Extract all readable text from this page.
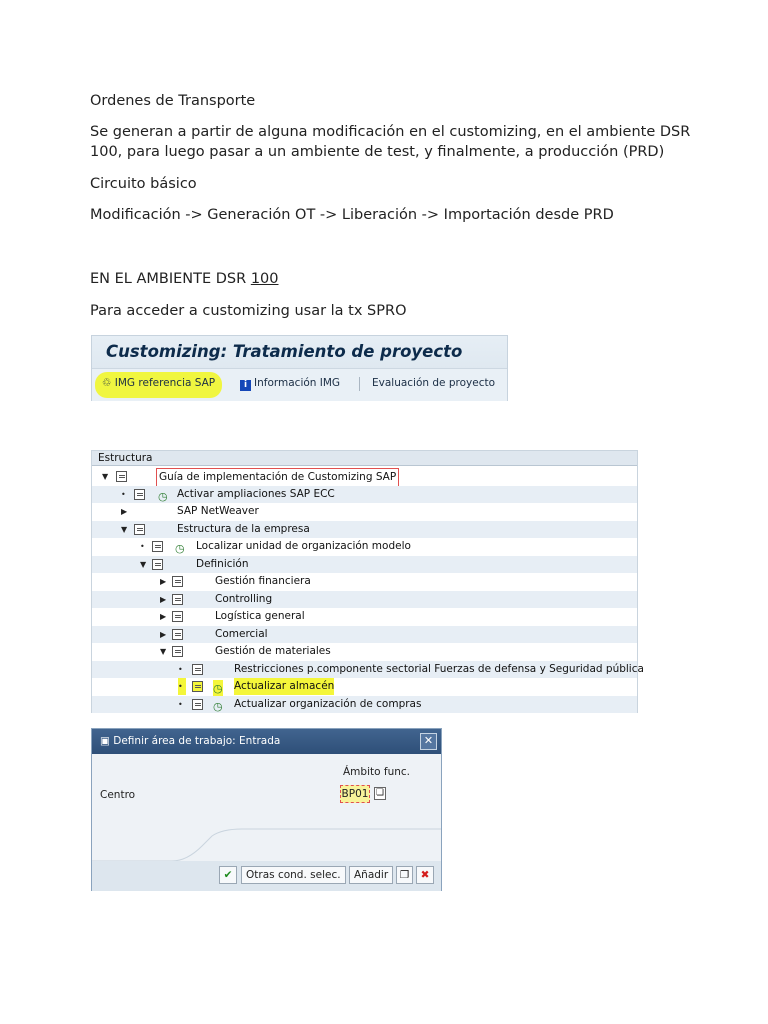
Ordenes de Transporte
Se generan a partir de alguna modificación en el customizing, en el ambiente DSR
100, para luego pasar a un ambiente de test, y finalmente, a producción (PRD)
Circuito básico
Modificación -> Generación OT -> Liberación -> Importación desde PRD
EN EL AMBIENTE DSR 100
Para acceder a customizing usar la tx SPRO
Customizing: Tratamiento de proyecto
♲ IMG referencia SAP	i Información IMG	Evaluación de proyecto
Estructura
▼	Guía de implementación de Customizing SAP
•	◷ Activar ampliaciones SAP ECC
▶	SAP NetWeaver
▼	Estructura de la empresa
•	◷ Localizar unidad de organización modelo
▼	Definición
▶	Gestión financiera
▶	Controlling
▶	Logística general
▶	Comercial
▼	Gestión de materiales
•	Restricciones p.componente sectorial Fuerzas de defensa y Seguridad pública
•	◷ Actualizar almacén
•	◷ Actualizar organización de compras
▣ Definir área de trabajo: Entrada	✕
Ámbito func.
Centro	BP01 ❏
✔	Otras cond. selec.	Añadir	❐	✖
